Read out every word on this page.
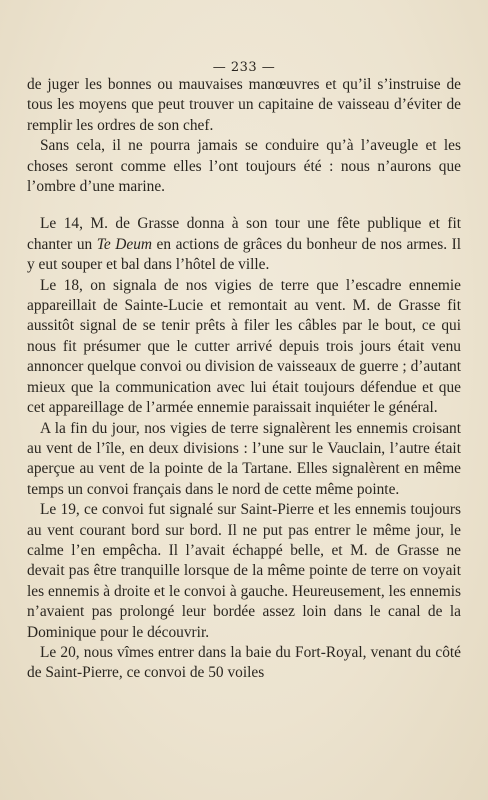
— 233 —

de juger les bonnes ou mauvaises manœuvres et qu’il s’instruise de tous les moyens que peut trouver un capitaine de vaisseau d’éviter de remplir les ordres de son chef.

Sans cela, il ne pourra jamais se conduire qu’à l’aveugle et les choses seront comme elles l’ont toujours été : nous n’aurons que l’ombre d’une marine.

Le 14, M. de Grasse donna à son tour une fête publique et fit chanter un Te Deum en actions de grâces du bonheur de nos armes. Il y eut souper et bal dans l’hôtel de ville.

Le 18, on signala de nos vigies de terre que l’escadre ennemie appareillait de Sainte-Lucie et remontait au vent. M. de Grasse fit aussitôt signal de se tenir prêts à filer les câbles par le bout, ce qui nous fit présumer que le cutter arrivé depuis trois jours était venu annoncer quelque convoi ou division de vaisseaux de guerre ; d’autant mieux que la communication avec lui était toujours défendue et que cet appareillage de l’armée ennemie paraissait inquiéter le général.

A la fin du jour, nos vigies de terre signalèrent les ennemis croisant au vent de l’île, en deux divisions : l’une sur le Vauclain, l’autre était aperçue au vent de la pointe de la Tartane. Elles signalèrent en même temps un convoi français dans le nord de cette même pointe.

Le 19, ce convoi fut signalé sur Saint-Pierre et les ennemis toujours au vent courant bord sur bord. Il ne put pas entrer le même jour, le calme l’en empêcha. Il l’avait échappé belle, et M. de Grasse ne devait pas être tranquille lorsque de la même pointe de terre on voyait les ennemis à droite et le convoi à gauche. Heureusement, les ennemis n’avaient pas prolongé leur bordée assez loin dans le canal de la Dominique pour le découvrir.

Le 20, nous vîmes entrer dans la baie du Fort-Royal, venant du côté de Saint-Pierre, ce convoi de 50 voiles
